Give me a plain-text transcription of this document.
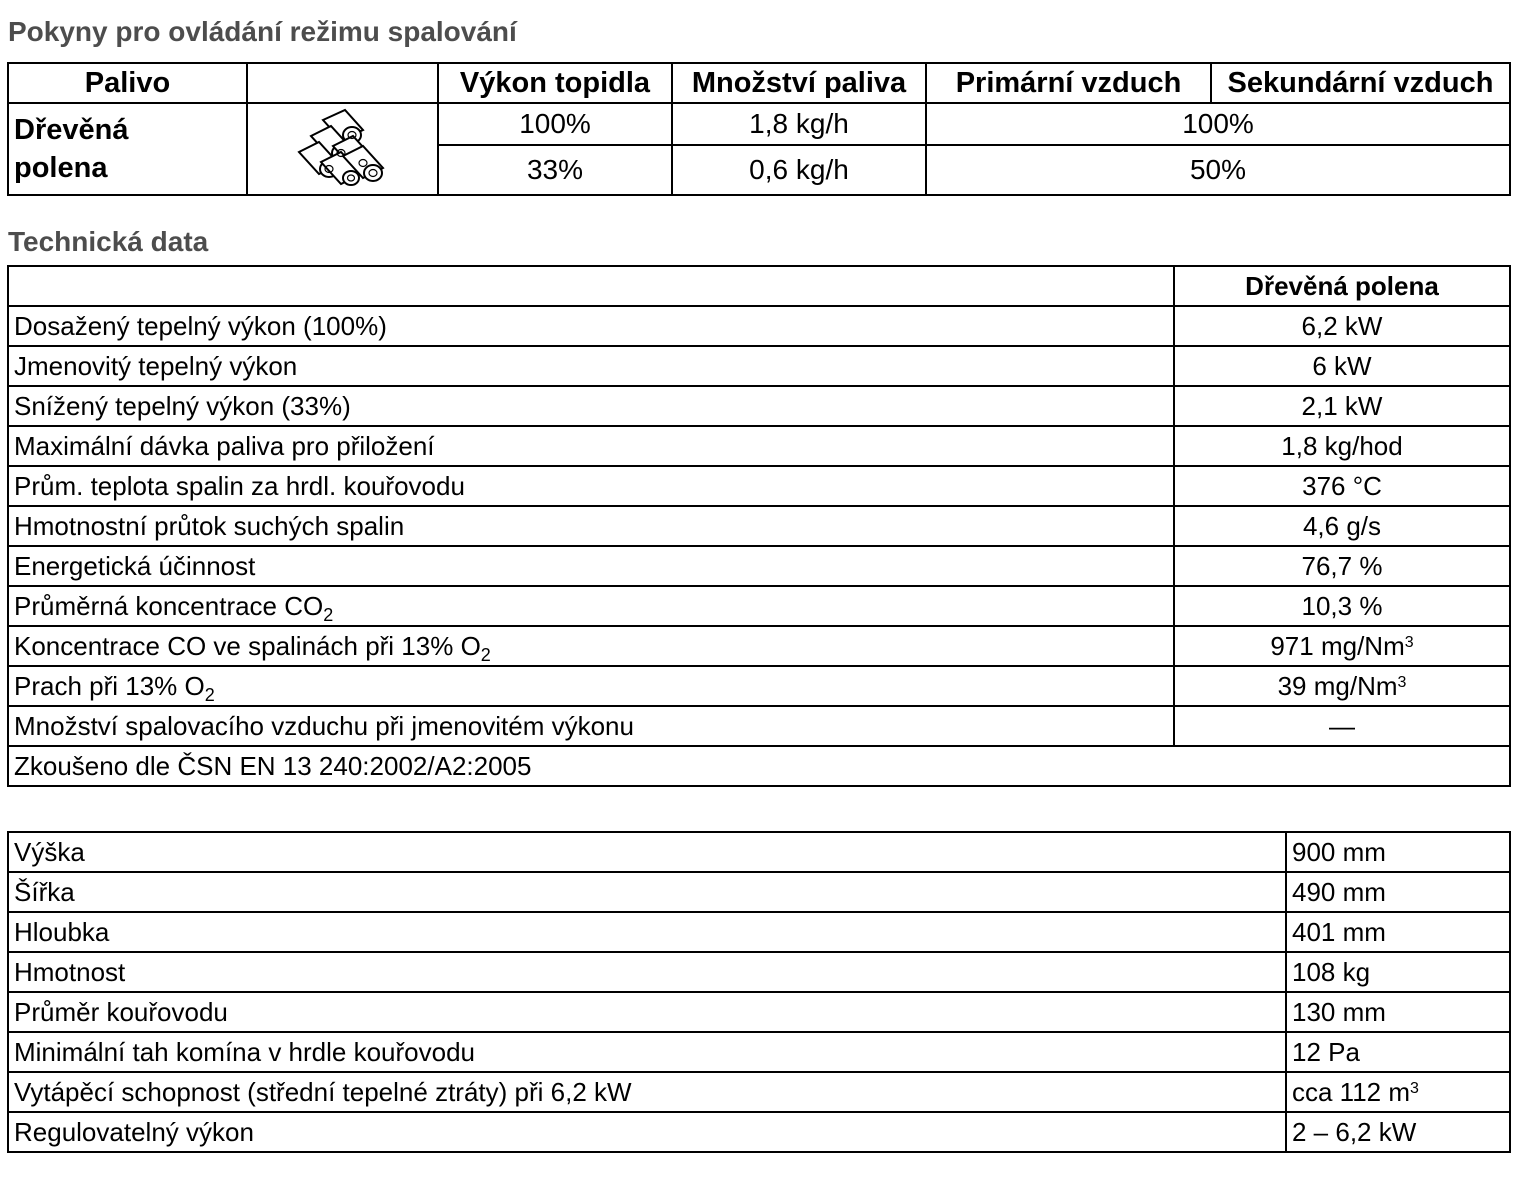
Pokyny pro ovládání režimu spalování
Palivo		Výkon topidla	Množství paliva	Primární vzduch	Sekundární vzduch

Dřevěná
polena		100%	1,8 kg/h	100%	
		33%	0,6 kg/h	50%	
Technická data
	Dřevěná polena
Dosažený tepelný výkon (100%)	6,2 kW
Jmenovitý tepelný výkon	6 kW
Snížený tepelný výkon (33%)	2,1 kW
Maximální dávka paliva pro přiložení	1,8 kg/hod
Prům. teplota spalin za hrdl. kouřovodu	376 °C
Hmotnostní průtok suchých spalin	4,6 g/s
Energetická účinnost	76,7 %
Průměrná koncentrace $CO_2$	10,3 %
Koncentrace CO ve spalinách při 13% $O_2$	971 mg/Nm$^3$
Prach při 13% $O_2$	39 mg/Nm$^3$
Množství spalovacího vzduchu při jmenovitém výkonu	—
Zkoušeno dle ČSN EN 13 240:2002/A2:2005	
Výška	900 mm
Šířka	490 mm
Hloubka	401 mm
Hmotnost	108 kg
Průměr kouřovodu	130 mm
Minimální tah komína v hrdle kouřovodu	12 Pa
Vytápěcí schopnost (střední tepelné ztráty) při 6,2 kW	cca 112 $m^3$
Regulovatelný výkon	2 – 6,2 kW
